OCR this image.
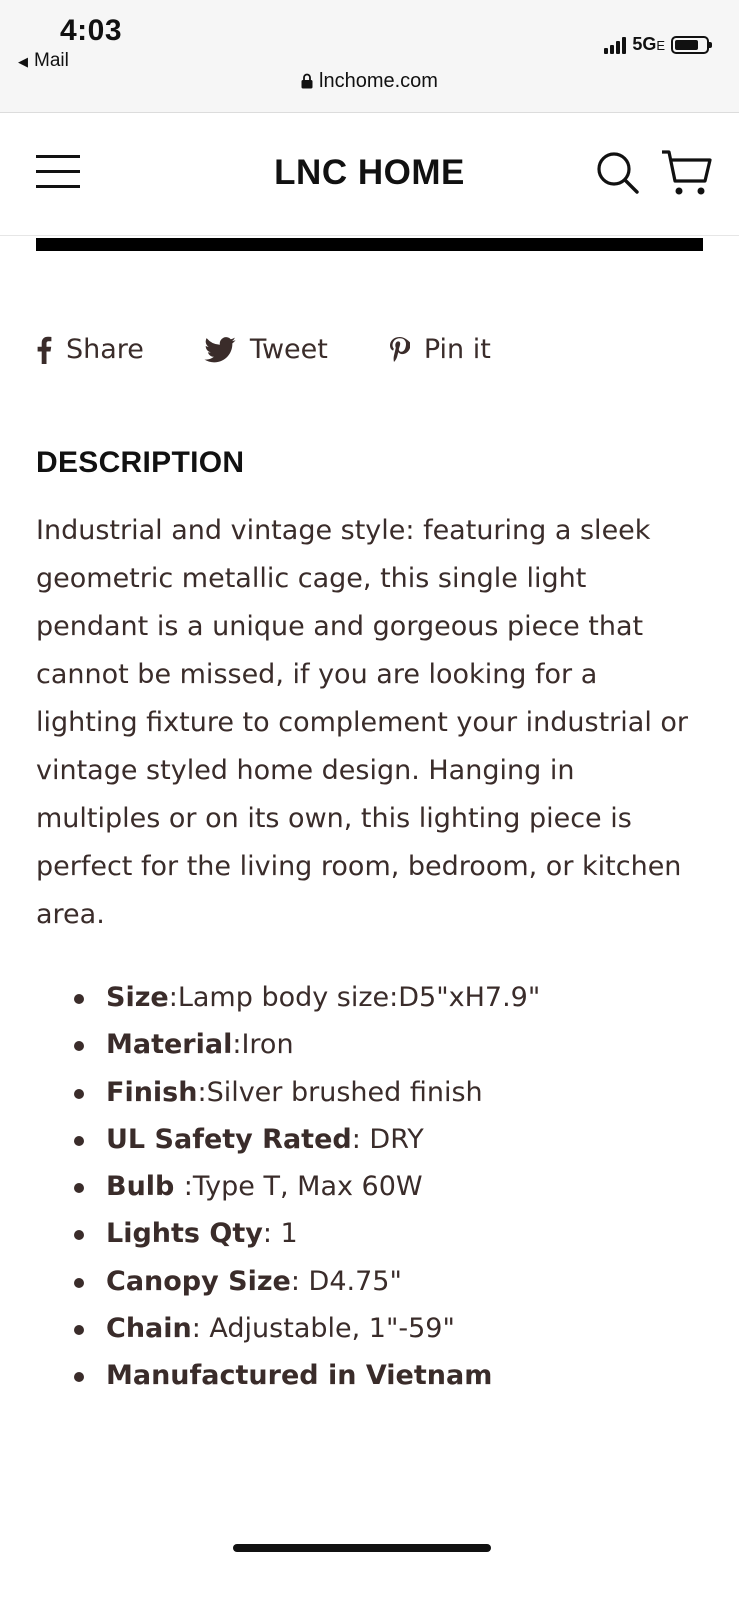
4:03
◀ Mail
5GE
lnchome.com
LNC HOME
Share	Tweet	Pin it
DESCRIPTION

Industrial and vintage style: featuring a sleek geometric metallic cage, this single light pendant is a unique and gorgeous piece that cannot be missed, if you are looking for a lighting fixture to complement your industrial or vintage styled home design. Hanging in multiples or on its own, this lighting piece is perfect for the living room, bedroom, or kitchen area.

Size:Lamp body size:D5"xH7.9"
Material:Iron
Finish:Silver brushed finish
UL Safety Rated: DRY
Bulb :Type T, Max 60W
Lights Qty: 1
Canopy Size: D4.75"
Chain: Adjustable, 1"-59"
Manufactured in Vietnam
